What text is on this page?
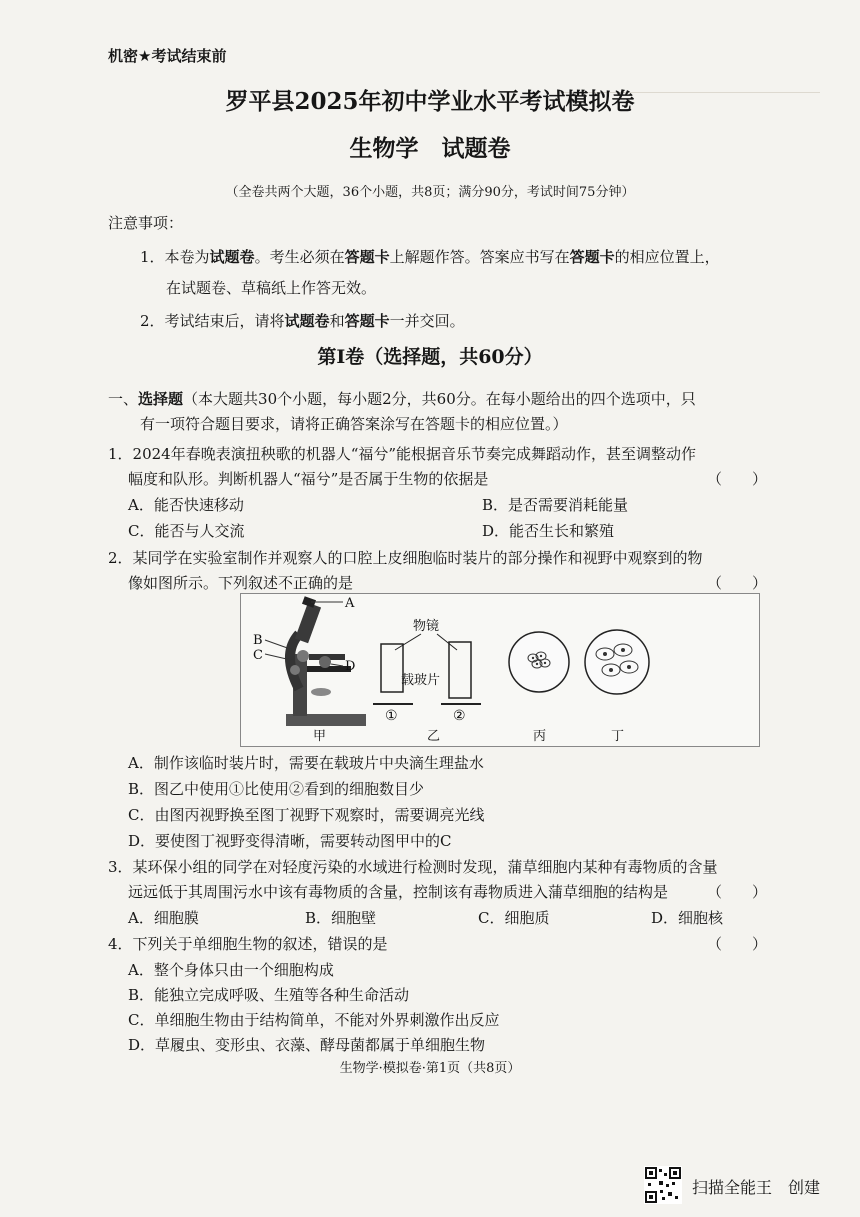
机密★考试结束前
罗平县2025年初中学业水平考试模拟卷
生物学　试题卷
（全卷共两个大题，36个小题，共8页；满分90分，考试时间75分钟）
注意事项：
1．本卷为试题卷。考生必须在答题卡上解题作答。答案应书写在答题卡的相应位置上，
在试题卷、草稿纸上作答无效。
2．考试结束后，请将试题卷和答题卡一并交回。
第Ⅰ卷（选择题，共60分）
一、选择题（本大题共30个小题，每小题2分，共60分。在每小题给出的四个选项中，只
有一项符合题目要求，请将正确答案涂写在答题卡的相应位置。）
1．2024年春晚表演扭秧歌的机器人“福兮”能根据音乐节奏完成舞蹈动作，甚至调整动作
幅度和队形。判断机器人“福兮”是否属于生物的依据是	（　　）
A．能否快速移动	B．是否需要消耗能量
C．能否与人交流	D．能否生长和繁殖
2．某同学在实验室制作并观察人的口腔上皮细胞临时装片的部分操作和视野中观察到的物
像如图所示。下列叙述不正确的是	（　　）
A
B
C
D
物镜
载玻片
①	②
甲	乙	丙	丁
A．制作该临时装片时，需要在载玻片中央滴生理盐水
B．图乙中使用①比使用②看到的细胞数目少
C．由图丙视野换至图丁视野下观察时，需要调亮光线
D．要使图丁视野变得清晰，需要转动图甲中的C
3．某环保小组的同学在对轻度污染的水域进行检测时发现，蒲草细胞内某种有毒物质的含量
远远低于其周围污水中该有毒物质的含量，控制该有毒物质进入蒲草细胞的结构是	（　　）
A．细胞膜	B．细胞壁	C．细胞质	D．细胞核
4．下列关于单细胞生物的叙述，错误的是	（　　）
A．整个身体只由一个细胞构成
B．能独立完成呼吸、生殖等各种生命活动
C．单细胞生物由于结构简单，不能对外界刺激作出反应
D．草履虫、变形虫、衣藻、酵母菌都属于单细胞生物
生物学·模拟卷·第1页（共8页）
扫描全能王　创建
